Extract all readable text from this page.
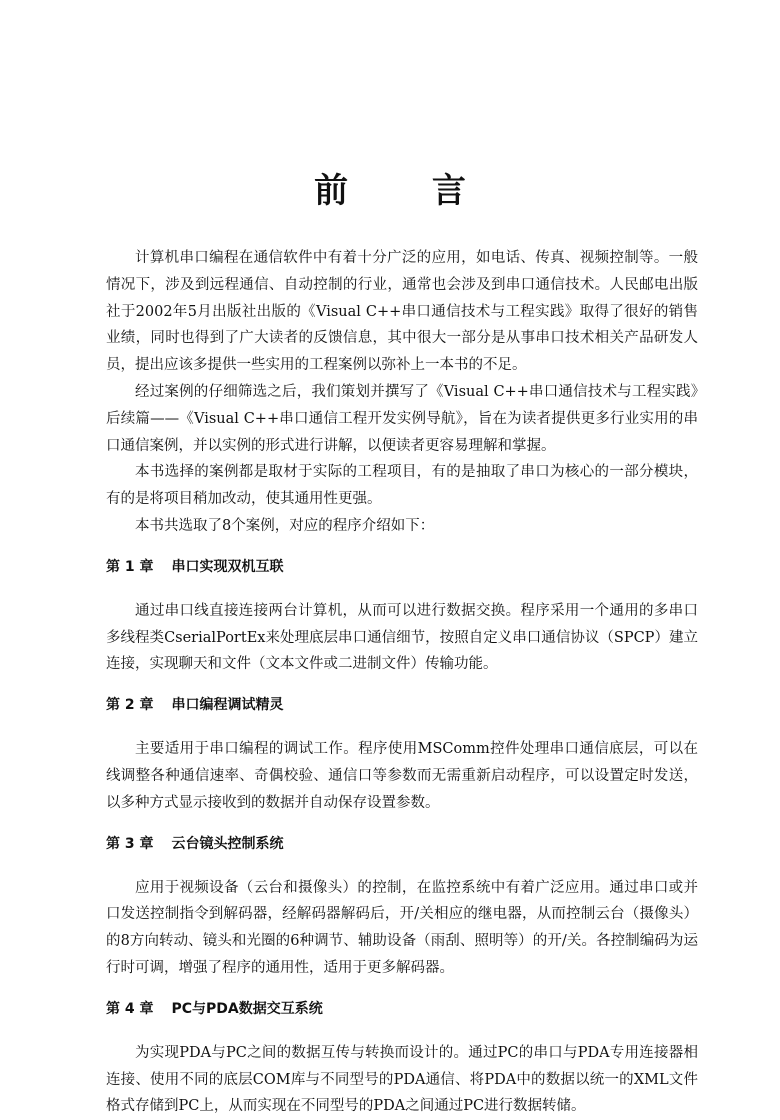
前 言

计算机串口编程在通信软件中有着十分广泛的应用，如电话、传真、视频控制等。一般情况下，涉及到远程通信、自动控制的行业，通常也会涉及到串口通信技术。人民邮电出版社于2002年5月出版社出版的《Visual C++串口通信技术与工程实践》取得了很好的销售业绩，同时也得到了广大读者的反馈信息，其中很大一部分是从事串口技术相关产品研发人员，提出应该多提供一些实用的工程案例以弥补上一本书的不足。

经过案例的仔细筛选之后，我们策划并撰写了《Visual C++串口通信技术与工程实践》后续篇——《Visual C++串口通信工程开发实例导航》，旨在为读者提供更多行业实用的串口通信案例，并以实例的形式进行讲解，以便读者更容易理解和掌握。

本书选择的案例都是取材于实际的工程项目，有的是抽取了串口为核心的一部分模块，有的是将项目稍加改动，使其通用性更强。

本书共选取了8个案例，对应的程序介绍如下：

第 1 章 串口实现双机互联

通过串口线直接连接两台计算机，从而可以进行数据交换。程序采用一个通用的多串口多线程类CserialPortEx来处理底层串口通信细节，按照自定义串口通信协议（SPCP）建立连接，实现聊天和文件（文本文件或二进制文件）传输功能。

第 2 章 串口编程调试精灵

主要适用于串口编程的调试工作。程序使用MSComm控件处理串口通信底层，可以在线调整各种通信速率、奇偶校验、通信口等参数而无需重新启动程序，可以设置定时发送，以多种方式显示接收到的数据并自动保存设置参数。

第 3 章 云台镜头控制系统

应用于视频设备（云台和摄像头）的控制，在监控系统中有着广泛应用。通过串口或并口发送控制指令到解码器，经解码器解码后，开/关相应的继电器，从而控制云台（摄像头）的8方向转动、镜头和光圈的6种调节、辅助设备（雨刮、照明等）的开/关。各控制编码为运行时可调，增强了程序的通用性，适用于更多解码器。

第 4 章 PC与PDA数据交互系统

为实现PDA与PC之间的数据互传与转换而设计的。通过PC的串口与PDA专用连接器相连接、使用不同的底层COM库与不同型号的PDA通信、将PDA中的数据以统一的XML文件格式存储到PC上，从而实现在不同型号的PDA之间通过PC进行数据转储。
